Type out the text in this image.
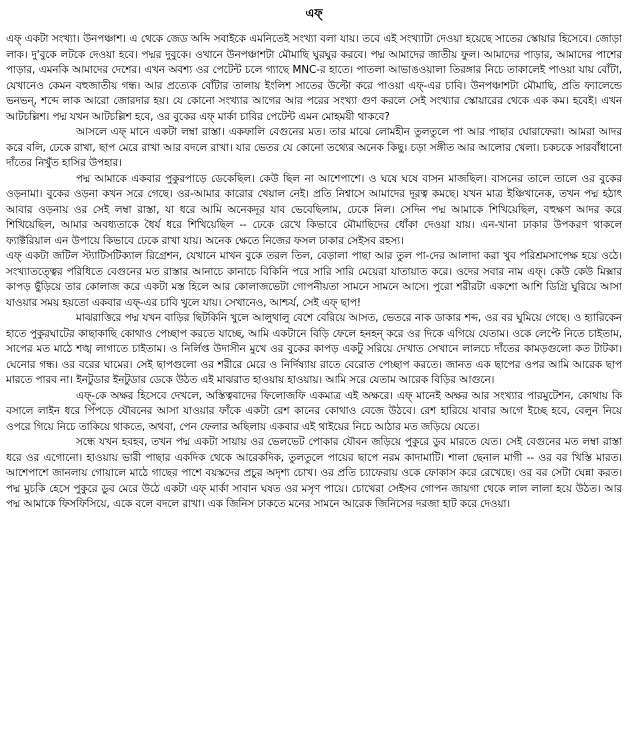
এফ্

এফ্ একটা সংখ্যা। উনপঞ্চাশ। এ থেকে জেড অব্দি সবাইকে এমনিতেই সংখ্যা বলা যায়। তবে এই সংখ্যাটা দেওয়া হয়েছে সাতের স্কোয়ার হিসেবে। জোড়া লাক। দু'বুকে লটকে দেওয়া হবে। পদ্মর দুবুকে। ওখানে উনপঞ্চাশটা মৌমাছি ঘুরঘুর করবে। পদ্ম আমাদের জাতীয় ফুল। আমাদের পাড়ার, আমাদের পাশের পাড়ার, এমনকি আমাদের দেশের। এখন অবশ্য ওর পেটেন্ট চলে গ্যাছে MNC-র হাতে। পাতলা আভাঙওয়ালা তিরঙ্গার নিচে তাকালেই পাওয়া যায় বোঁটা, যেখানেও কেমন বহুজাতীয় গন্ধ। আর প্রত্যেক বোঁটার তালায় ইংলিশ সাতের উল্টো করে পাওয়া এফ্-এর চাবি। উনপঞ্চাশটা মৌমাছি, প্রতি ফ্যালেন্ডে ভনভন্, শব্দে লাক আরো জোরদার হয়। যে কোনো সংখ্যার আগের আর পরের সংখ্যা গুণ করলে সেই সংখ্যার স্কোয়ারের থেকে এক কম। হবেই। এখন আটচল্লিশ। পদ্ম যখন আটচল্লিশ হবে, ওর বুকের এফ্ মার্কা চাবির পেটেন্ট এমন মোহময়ী থাকবে?

আসলে এফ্ মানে একটা লম্বা রাস্তা। একফালি বেগুনের মত। তার মাঝে লোমহীন তুলতুলে পা আর পাছার ঘোরাফেরা। আমরা আদর করে বলি, ঢেকে রাখা, ছাপ মেরে রাখা আর বদলে রাখা। যার ভেতর যে কোনো তথ্যের অনেক কিছু। চড়া সঙ্গীত আর আলোর খেলা। চকচকে সারবাঁধানো দাঁতের নিখুঁত হাসির উপহার।

পদ্ম আমাকে একবার পুকুরপাড়ে ডেকেছিল। কেউ ছিল না আশেপাশে। ও ঘষে ঘষে বাসন মাজছিল। বাসনের তালে তালে ওর বুকের ওড়নামা। বুকের ওড়না কখন সরে গেছে। ওর-আমার কারোর খেয়াল নেই। প্রতি নিশ্বাসে আমাদের দূরত্ব কমছে। যখন মাত্র ইঞ্চিখানেক, তখন পদ্ম হঠাৎ আবার ওড়নায় ওর সেই লম্বা রাস্তা, যা ধরে আমি অনেকদূর যাব ভেবেছিলাম, ঢেকে নিল। সেদিন পদ্ম আমাকে শিখিয়েছিল, বহুক্ষণ আদর করে শিখিয়েছিল, আমার অবধ্যতাকে ধৈর্য ধরে শিখিয়েছিল -- ঢেকে রেখে কিভাবে মৌমাছিদের ধোঁকা দেওয়া যায়। এন-খানা ঢাকার উপকরণ থাকলে ফ্যাক্টরিয়াল এন উপায়ে কিভাবে ঢেকে রাখা যায়। অনেক ক্ষেতে নিজের ফসল ঢাকার সেইসব রহস্য।

এফ্ একটা জটিল স্ট্যাটিসটিক্যাল রিগ্রেশন, যেখানে মাখন বুকে তরল তিল, বেড়ালা পাছা আর তুল পা-দের আলাদা করা খুব পরিশ্রমসাপেক্ষ হয়ে ওঠে। সংখ্যাতত্ত্বের পরিধিতে বেগুনের মত রাস্তার আনাচে কানাচে বিকিনি পরে সারি সারি মেয়েরা যাতায়াত করে। ওদের সবার নাম এফ্। কেউ কেউ মিক্সার কাপড় ছুঁড়িয়ে তার কোলাজ করে একটা মস্ত হিলে আর কোলাজভেটা গোপনীয়তা সামনে সামনে আসে। পুরো শরীরটা একশো আশি ডিগ্রি ঘুরিয়ে আসা যাওয়ার সময় হয়তো একবার এফ্-এর চাবি খুলে যায়। সেখানেও, আশ্চর্য, সেই এফ্ ছাপ!

মাঝরাত্তিরে পদ্ম যখন বাড়ির ছিটকিনি খুলে আলুথালু বেশে বেরিয়ে আসত, ভেতরে নাক ডাকার শব্দ, ওর বর ঘুমিয়ে গেছে। ও হ্যারিকেন হাতে পুকুরঘাটের কাছাকাছি কোথাও পেচ্ছাপ করতে যাচ্ছে, আমি একটানে বিড়ি ফেলে হনহন্ করে ওর দিকে এগিয়ে যেতাম। ওকে লেপ্টে নিতে চাইতাম, সাপের মত মাঠে শঙ্খ লাগাতে চাইতাম। ও নির্লিপ্ত উদাসীন মুখে ওর বুকের কাপড় একটু সরিয়ে দেখাত সেখানে লালচে দাঁতের কামড়গুলো কত টাটকা। ঘেনোর গন্ধ। ওর বরের ঘামের। সেই ছাপগুলো ওর শরীরে মেরে ও নির্দিষ্যায় রাতে বেরোত পেচ্ছাপ করতে। জানত এক ছাপের ওপর আমি আরেক ছাপ মারতে পারব না। ইনটুডার ইনটুডার ডেকে উঠত এই মাঝরাত হাওয়ায় হাওয়ায়। আমি সরে যেতাম আরেক বিড়ির আগুনে।

এফ্-কে অক্ষর হিসেবে দেখলে, অস্তিত্ববাদের ফিলোজফি একমাত্র এই অক্ষরে। এফ্ মানেই অক্ষর আর সংখ্যার পারমুটেশন, কোথায় কি বসালে লাইন ধরে পিঁপড়ে যৌবনের আসা যাওয়ার ফাঁকে একটা রেশ কানের কোথাও বেজে উঠবে। রেশ হারিয়ে যাবার আগে ইচ্ছে হবে, বেলুন নিয়ে ওপরে গিয়ে নিচে তাকিয়ে থাকতে, অথবা, পেন ফেলার অছিলায় একবার এই থাইয়ের নিচে আঠার মত জড়িয়ে যেতে।

সন্ধে যখন হবহব, তখন পদ্ম একটা সায়ায় ওর ভেলভেট পোকার যৌবন জড়িয়ে পুকুরে ডুব মারতে যেত। সেই বেগুনের মত লম্বা রাস্তা ধরে ওর এগোনো। হাওয়ায় ভারী পাছার একদিক থেকে আরেকদিক, তুলতুলে পায়ের ছাপে নরম কাদামাটি। শালা ছেনাল মাগী -- ওর বর খিস্তি মারত। আশেপাশে জানলায় গোয়ালে মাঠে গাছের পাশে বয়স্কদের প্রচুর অদৃশ্য চোখ। ওর প্রতি চ্যাফেরায় ওকে ফোকাস করে রেখেছে। ওর বর সেটা ঘেন্না করত। পদ্ম মুচকি হেসে পুকুরে ডুব মেরে উঠে একটা এফ্ মার্কা সাবান ঘষত ওর মসৃণ পায়ে। চোখেরা সেইসব গোপন জায়গা থেকে লাল লালা হয়ে উঠত। আর পদ্ম আমাকে ফিসফিসিয়ে, একে বলে বদলে রাখা। এক জিনিস ঢাকতে মনের সামনে আরেক জিনিসের দরজা হাট করে দেওয়া।
